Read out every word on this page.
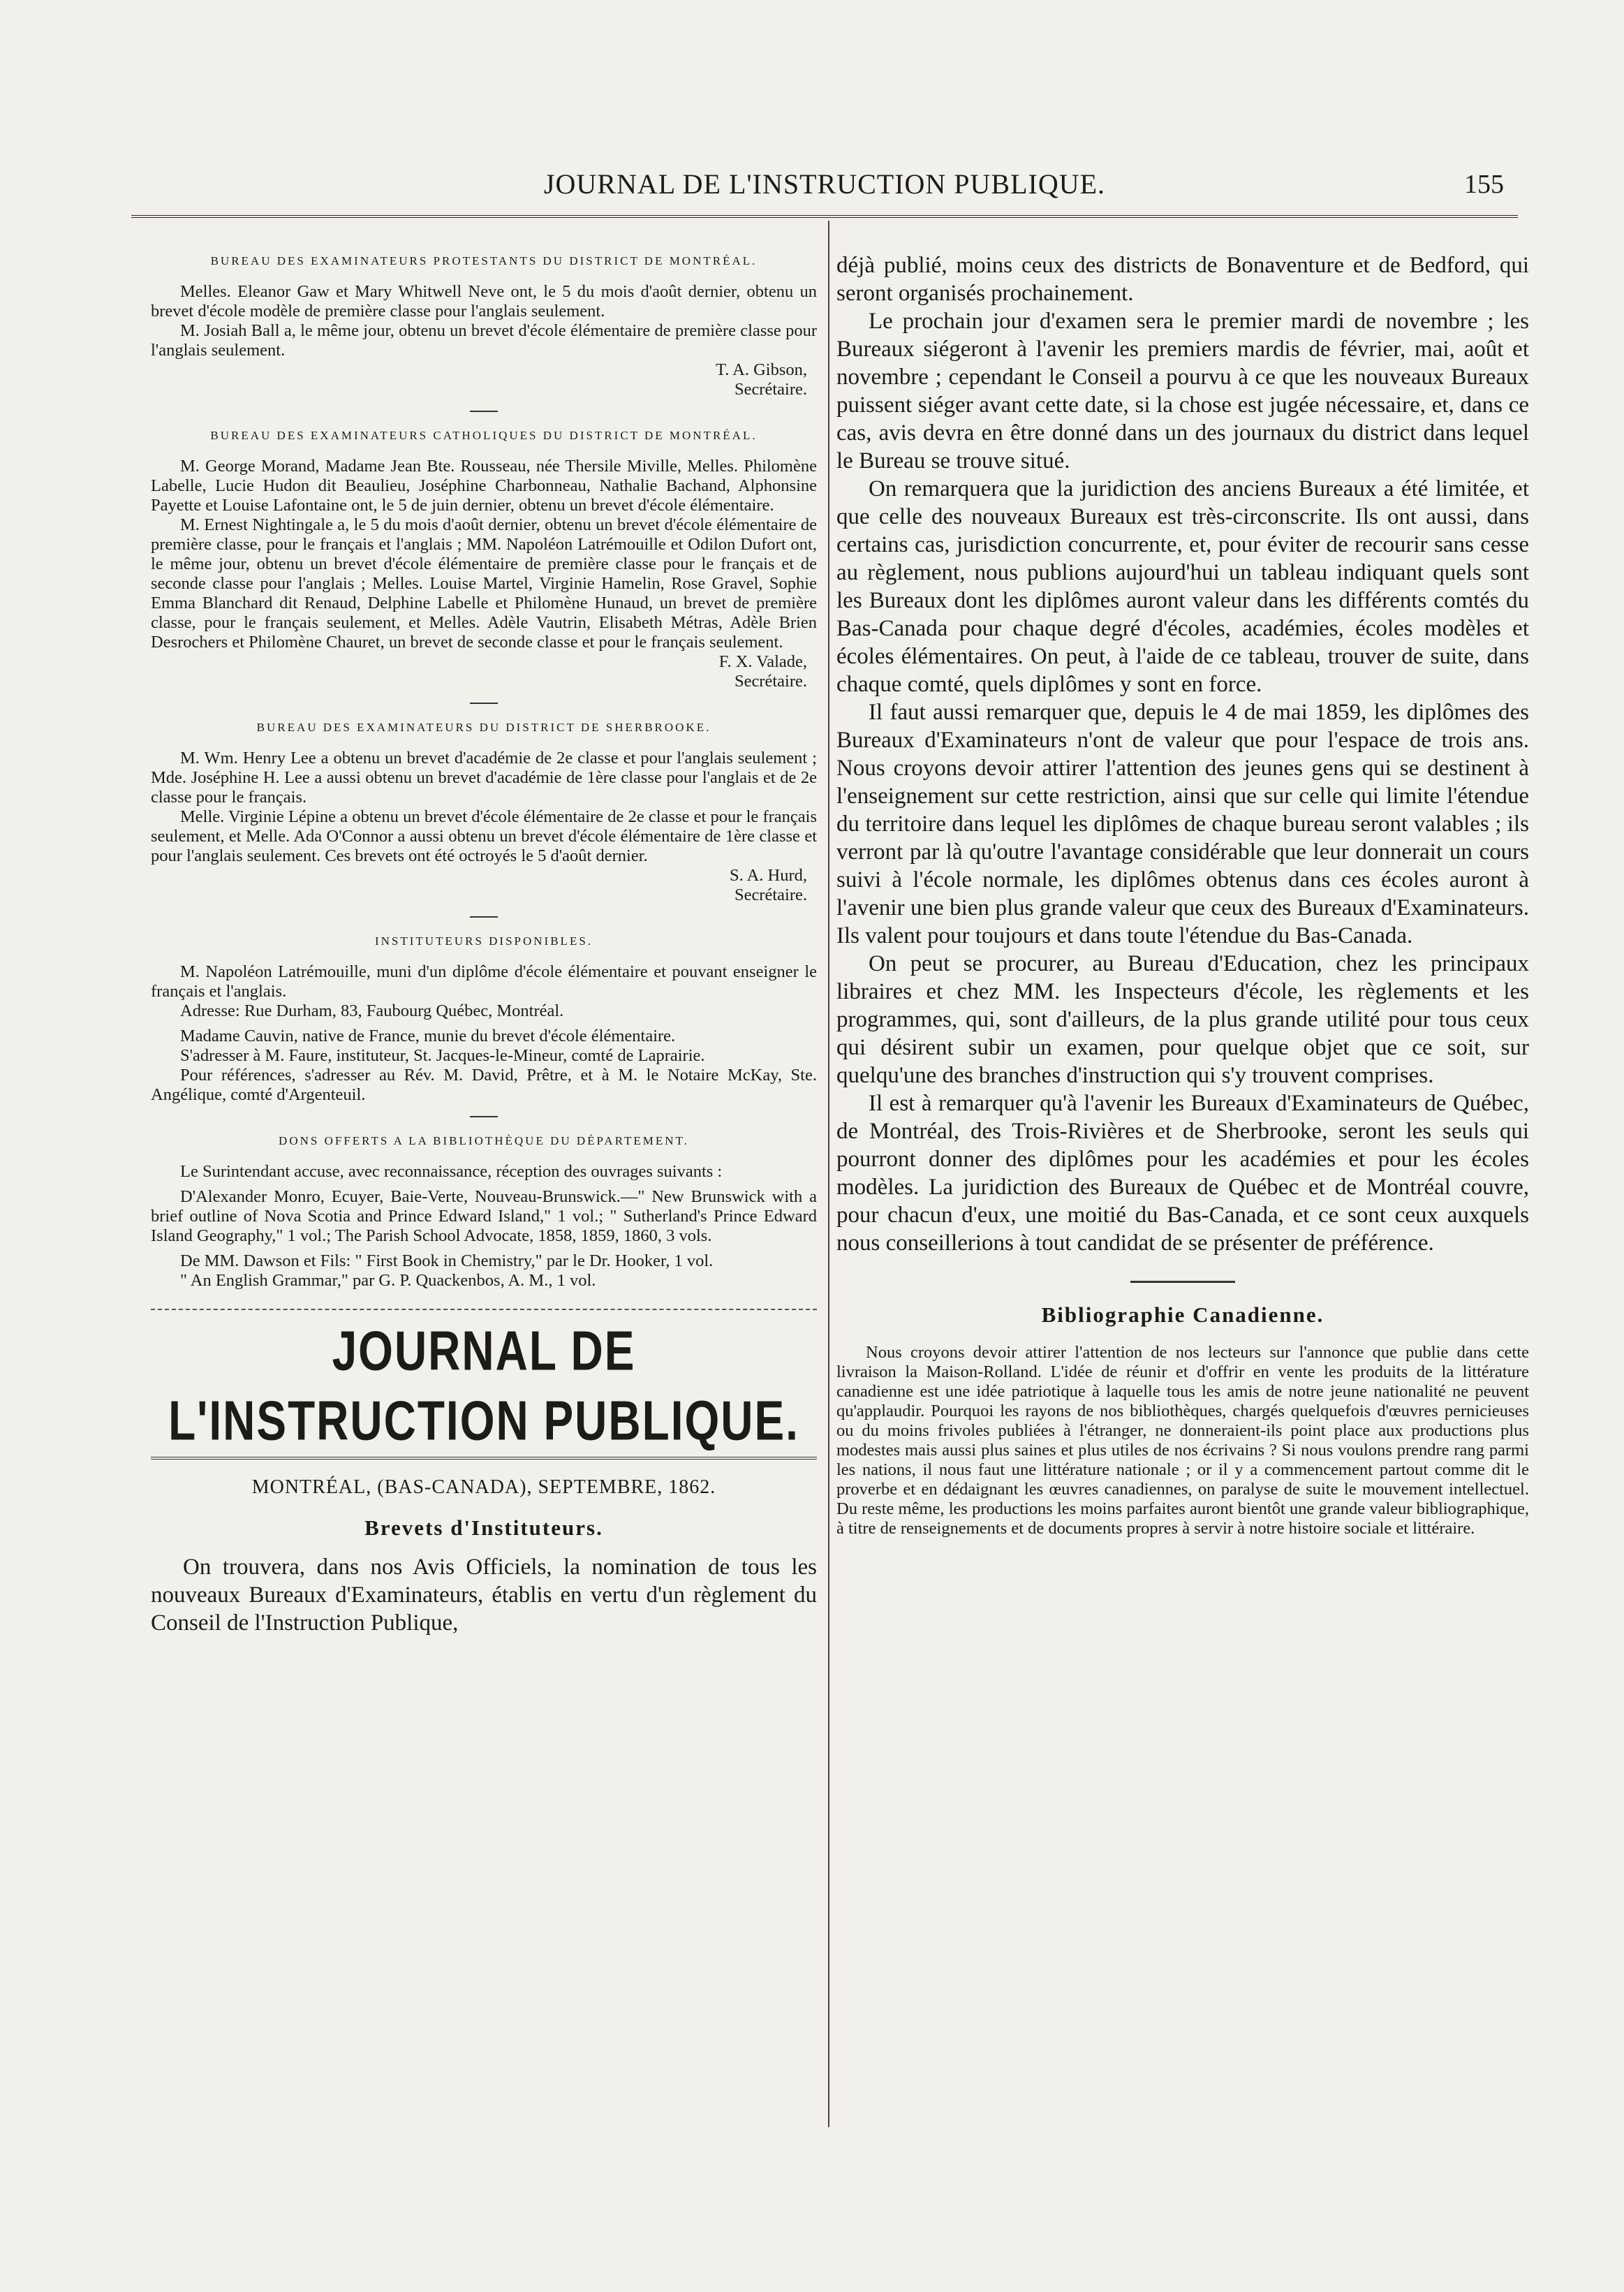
JOURNAL DE L'INSTRUCTION PUBLIQUE.	155
BUREAU DES EXAMINATEURS PROTESTANTS DU DISTRICT DE MONTRÉAL.

Melles. Eleanor Gaw et Mary Whitwell Neve ont, le 5 du mois d'août dernier, obtenu un brevet d'école modèle de première classe pour l'anglais seulement.

M. Josiah Ball a, le même jour, obtenu un brevet d'école élémentaire de première classe pour l'anglais seulement.

T. A. Gibson,
Secrétaire.
BUREAU DES EXAMINATEURS CATHOLIQUES DU DISTRICT DE MONTRÉAL.

M. George Morand, Madame Jean Bte. Rousseau, née Thersile Miville, Melles. Philomène Labelle, Lucie Hudon dit Beaulieu, Joséphine Charbonneau, Nathalie Bachand, Alphonsine Payette et Louise Lafontaine ont, le 5 de juin dernier, obtenu un brevet d'école élémentaire.

M. Ernest Nightingale a, le 5 du mois d'août dernier, obtenu un brevet d'école élémentaire de première classe, pour le français et l'anglais ; MM. Napoléon Latrémouille et Odilon Dufort ont, le même jour, obtenu un brevet d'école élémentaire de première classe pour le français et de seconde classe pour l'anglais ; Melles. Louise Martel, Virginie Hamelin, Rose Gravel, Sophie Emma Blanchard dit Renaud, Delphine Labelle et Philomène Hunaud, un brevet de première classe, pour le français seulement, et Melles. Adèle Vautrin, Elisabeth Métras, Adèle Brien Desrochers et Philomène Chauret, un brevet de seconde classe et pour le français seulement.

F. X. Valade,
Secrétaire.
BUREAU DES EXAMINATEURS DU DISTRICT DE SHERBROOKE.

M. Wm. Henry Lee a obtenu un brevet d'académie de 2e classe et pour l'anglais seulement ; Mde. Joséphine H. Lee a aussi obtenu un brevet d'académie de 1ère classe pour l'anglais et de 2e classe pour le français.

Melle. Virginie Lépine a obtenu un brevet d'école élémentaire de 2e classe et pour le français seulement, et Melle. Ada O'Connor a aussi obtenu un brevet d'école élémentaire de 1ère classe et pour l'anglais seulement. Ces brevets ont été octroyés le 5 d'août dernier.

S. A. Hurd,
Secrétaire.
INSTITUTEURS DISPONIBLES.

M. Napoléon Latrémouille, muni d'un diplôme d'école élémentaire et pouvant enseigner le français et l'anglais.

Adresse: Rue Durham, 83, Faubourg Québec, Montréal.

Madame Cauvin, native de France, munie du brevet d'école élémentaire.

S'adresser à M. Faure, instituteur, St. Jacques-le-Mineur, comté de Laprairie.

Pour références, s'adresser au Rév. M. David, Prêtre, et à M. le Notaire McKay, Ste. Angélique, comté d'Argenteuil.

DONS OFFERTS A LA BIBLIOTHÈQUE DU DÉPARTEMENT.

Le Surintendant accuse, avec reconnaissance, réception des ouvrages suivants :

D'Alexander Monro, Ecuyer, Baie-Verte, Nouveau-Brunswick.—" New Brunswick with a brief outline of Nova Scotia and Prince Edward Island," 1 vol.; " Sutherland's Prince Edward Island Geography," 1 vol.; The Parish School Advocate, 1858, 1859, 1860, 3 vols.

De MM. Dawson et Fils: " First Book in Chemistry," par le Dr. Hooker, 1 vol.

" An English Grammar," par G. P. Quackenbos, A. M., 1 vol.

JOURNAL DE L'INSTRUCTION PUBLIQUE.
MONTRÉAL, (BAS-CANADA), SEPTEMBRE, 1862.
Brevets d'Instituteurs.

On trouvera, dans nos Avis Officiels, la nomination de tous les nouveaux Bureaux d'Examinateurs, établis en vertu d'un règlement du Conseil de l'Instruction Publique,

déjà publié, moins ceux des districts de Bonaventure et de Bedford, qui seront organisés prochainement.

Le prochain jour d'examen sera le premier mardi de novembre ; les Bureaux siégeront à l'avenir les premiers mardis de février, mai, août et novembre ; cependant le Conseil a pourvu à ce que les nouveaux Bureaux puissent siéger avant cette date, si la chose est jugée nécessaire, et, dans ce cas, avis devra en être donné dans un des journaux du district dans lequel le Bureau se trouve situé.

On remarquera que la juridiction des anciens Bureaux a été limitée, et que celle des nouveaux Bureaux est très-circonscrite. Ils ont aussi, dans certains cas, jurisdiction concurrente, et, pour éviter de recourir sans cesse au règlement, nous publions aujourd'hui un tableau indiquant quels sont les Bureaux dont les diplômes auront valeur dans les différents comtés du Bas-Canada pour chaque degré d'écoles, académies, écoles modèles et écoles élémentaires. On peut, à l'aide de ce tableau, trouver de suite, dans chaque comté, quels diplômes y sont en force.

Il faut aussi remarquer que, depuis le 4 de mai 1859, les diplômes des Bureaux d'Examinateurs n'ont de valeur que pour l'espace de trois ans. Nous croyons devoir attirer l'attention des jeunes gens qui se destinent à l'enseignement sur cette restriction, ainsi que sur celle qui limite l'étendue du territoire dans lequel les diplômes de chaque bureau seront valables ; ils verront par là qu'outre l'avantage considérable que leur donnerait un cours suivi à l'école normale, les diplômes obtenus dans ces écoles auront à l'avenir une bien plus grande valeur que ceux des Bureaux d'Examinateurs. Ils valent pour toujours et dans toute l'étendue du Bas-Canada.

On peut se procurer, au Bureau d'Education, chez les principaux libraires et chez MM. les Inspecteurs d'école, les règlements et les programmes, qui, sont d'ailleurs, de la plus grande utilité pour tous ceux qui désirent subir un examen, pour quelque objet que ce soit, sur quelqu'une des branches d'instruction qui s'y trouvent comprises.

Il est à remarquer qu'à l'avenir les Bureaux d'Examinateurs de Québec, de Montréal, des Trois-Rivières et de Sherbrooke, seront les seuls qui pourront donner des diplômes pour les académies et pour les écoles modèles. La juridiction des Bureaux de Québec et de Montréal couvre, pour chacun d'eux, une moitié du Bas-Canada, et ce sont ceux auxquels nous conseillerions à tout candidat de se présenter de préférence.

Bibliographie Canadienne.

Nous croyons devoir attirer l'attention de nos lecteurs sur l'annonce que publie dans cette livraison la Maison-Rolland. L'idée de réunir et d'offrir en vente les produits de la littérature canadienne est une idée patriotique à laquelle tous les amis de notre jeune nationalité ne peuvent qu'applaudir. Pourquoi les rayons de nos bibliothèques, chargés quelquefois d'œuvres pernicieuses ou du moins frivoles publiées à l'étranger, ne donneraient-ils point place aux productions plus modestes mais aussi plus saines et plus utiles de nos écrivains ? Si nous voulons prendre rang parmi les nations, il nous faut une littérature nationale ; or il y a commencement partout comme dit le proverbe et en dédaignant les œuvres canadiennes, on paralyse de suite le mouvement intellectuel. Du reste même, les productions les moins parfaites auront bientôt une grande valeur bibliographique, à titre de renseignements et de documents propres à servir à notre histoire sociale et littéraire.
